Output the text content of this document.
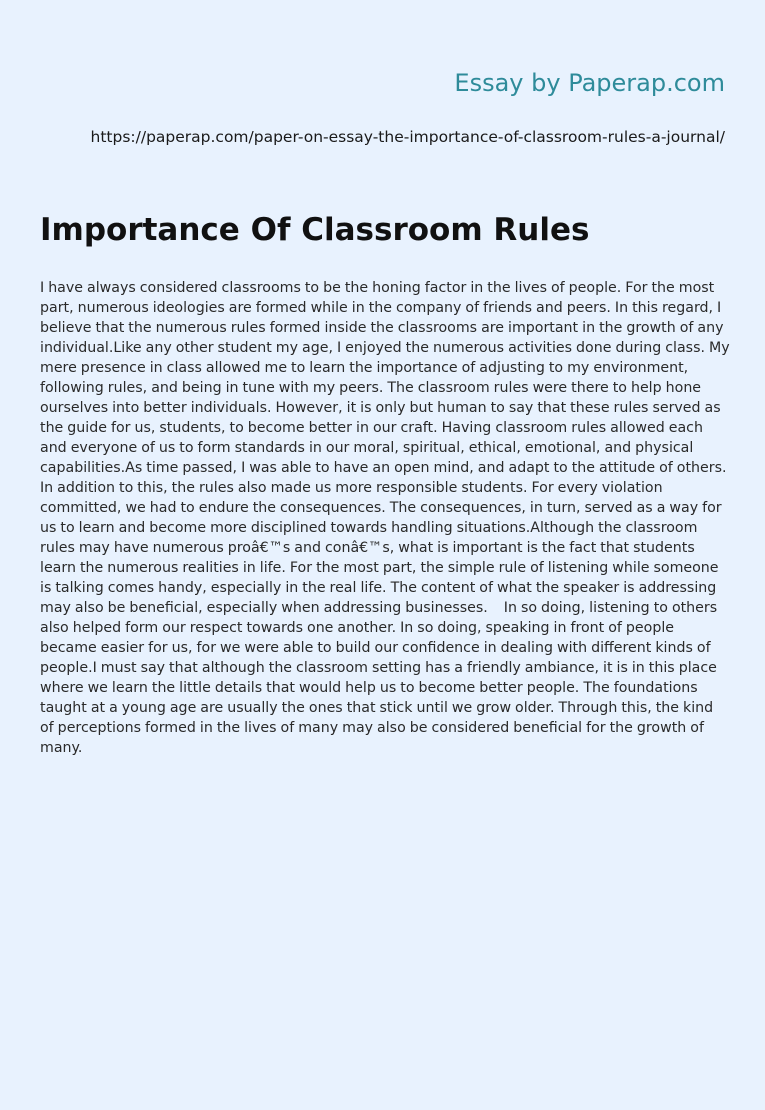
Essay by Paperap.com
https://paperap.com/paper-on-essay-the-importance-of-classroom-rules-a-journal/
Importance Of Classroom Rules

I have always considered classrooms to be the honing factor in the lives of people. For the most part, numerous ideologies are formed while in the company of friends and peers. In this regard, I believe that the numerous rules formed inside the classrooms are important in the growth of any individual.Like any other student my age, I enjoyed the numerous activities done during class. My mere presence in class allowed me to learn the importance of adjusting to my environment, following rules, and being in tune with my peers. The classroom rules were there to help hone ourselves into better individuals. However, it is only but human to say that these rules served as the guide for us, students, to become better in our craft. Having classroom rules allowed each and everyone of us to form standards in our moral, spiritual, ethical, emotional, and physical capabilities.As time passed, I was able to have an open mind, and adapt to the attitude of others. In addition to this, the rules also made us more responsible students. For every violation committed, we had to endure the consequences. The consequences, in turn, served as a way for us to learn and become more disciplined towards handling situations.Although the classroom rules may have numerous proâ€™s and conâ€™s, what is important is the fact that students learn the numerous realities in life. For the most part, the simple rule of listening while someone is talking comes handy, especially in the real life. The content of what the speaker is addressing may also be beneficial, especially when addressing businesses.    In so doing, listening to others also helped form our respect towards one another. In so doing, speaking in front of people became easier for us, for we were able to build our confidence in dealing with different kinds of people.I must say that although the classroom setting has a friendly ambiance, it is in this place where we learn the little details that would help us to become better people. The foundations taught at a young age are usually the ones that stick until we grow older. Through this, the kind of perceptions formed in the lives of many may also be considered beneficial for the growth of many.
